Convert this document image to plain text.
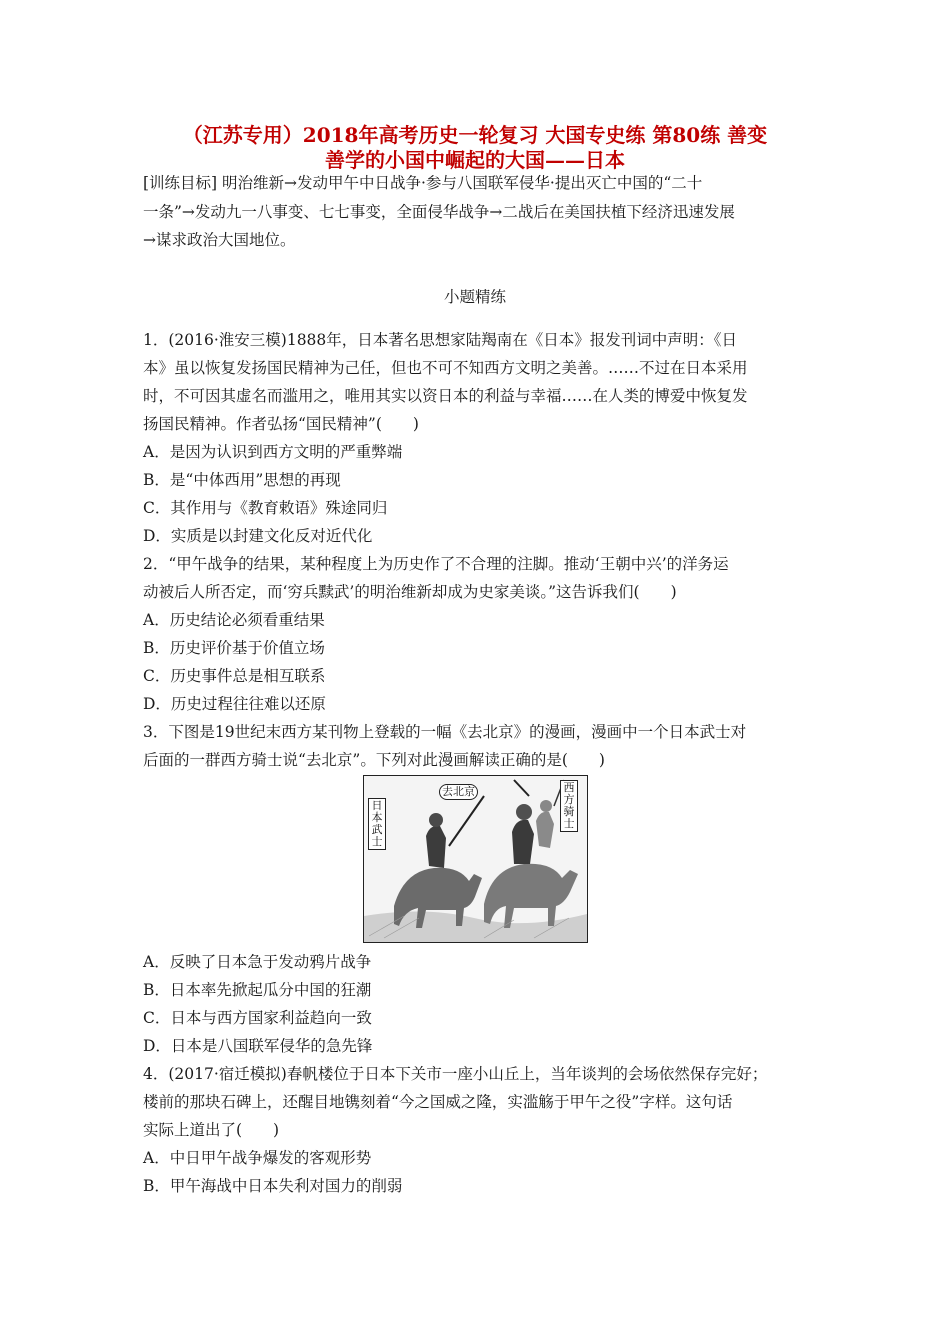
（江苏专用）2018年高考历史一轮复习 大国专史练 第80练 善变
善学的小国中崛起的大国——日本
[训练目标] 明治维新→发动甲午中日战争·参与八国联军侵华·提出灭亡中国的“二十
一条”→发动九一八事变、七七事变，全面侵华战争→二战后在美国扶植下经济迅速发展
→谋求政治大国地位。
小题精练
1．(2016·淮安三模)1888年，日本著名思想家陆羯南在《日本》报发刊词中声明：《日
本》虽以恢复发扬国民精神为己任，但也不可不知西方文明之美善。……不过在日本采用
时，不可因其虚名而滥用之，唯用其实以资日本的利益与幸福……在人类的博爱中恢复发
扬国民精神。作者弘扬“国民精神”(　　)
A．是因为认识到西方文明的严重弊端
B．是“中体西用”思想的再现
C．其作用与《教育敕语》殊途同归
D．实质是以封建文化反对近代化
2．“甲午战争的结果，某种程度上为历史作了不合理的注脚。推动‘王朝中兴’的洋务运
动被后人所否定，而‘穷兵黩武’的明治维新却成为史家美谈。”这告诉我们(　　)
A．历史结论必须看重结果
B．历史评价基于价值立场
C．历史事件总是相互联系
D．历史过程往往难以还原
3．下图是19世纪末西方某刊物上登载的一幅《去北京》的漫画，漫画中一个日本武士对
后面的一群西方骑士说“去北京”。下列对此漫画解读正确的是(　　)
去北京
日本武士
西方骑士
A．反映了日本急于发动鸦片战争
B．日本率先掀起瓜分中国的狂潮
C．日本与西方国家利益趋向一致
D．日本是八国联军侵华的急先锋
4．(2017·宿迁模拟)春帆楼位于日本下关市一座小山丘上，当年谈判的会场依然保存完好；
楼前的那块石碑上，还醒目地镌刻着“今之国威之隆，实滥觞于甲午之役”字样。这句话
实际上道出了(　　)
A．中日甲午战争爆发的客观形势
B．甲午海战中日本失利对国力的削弱
